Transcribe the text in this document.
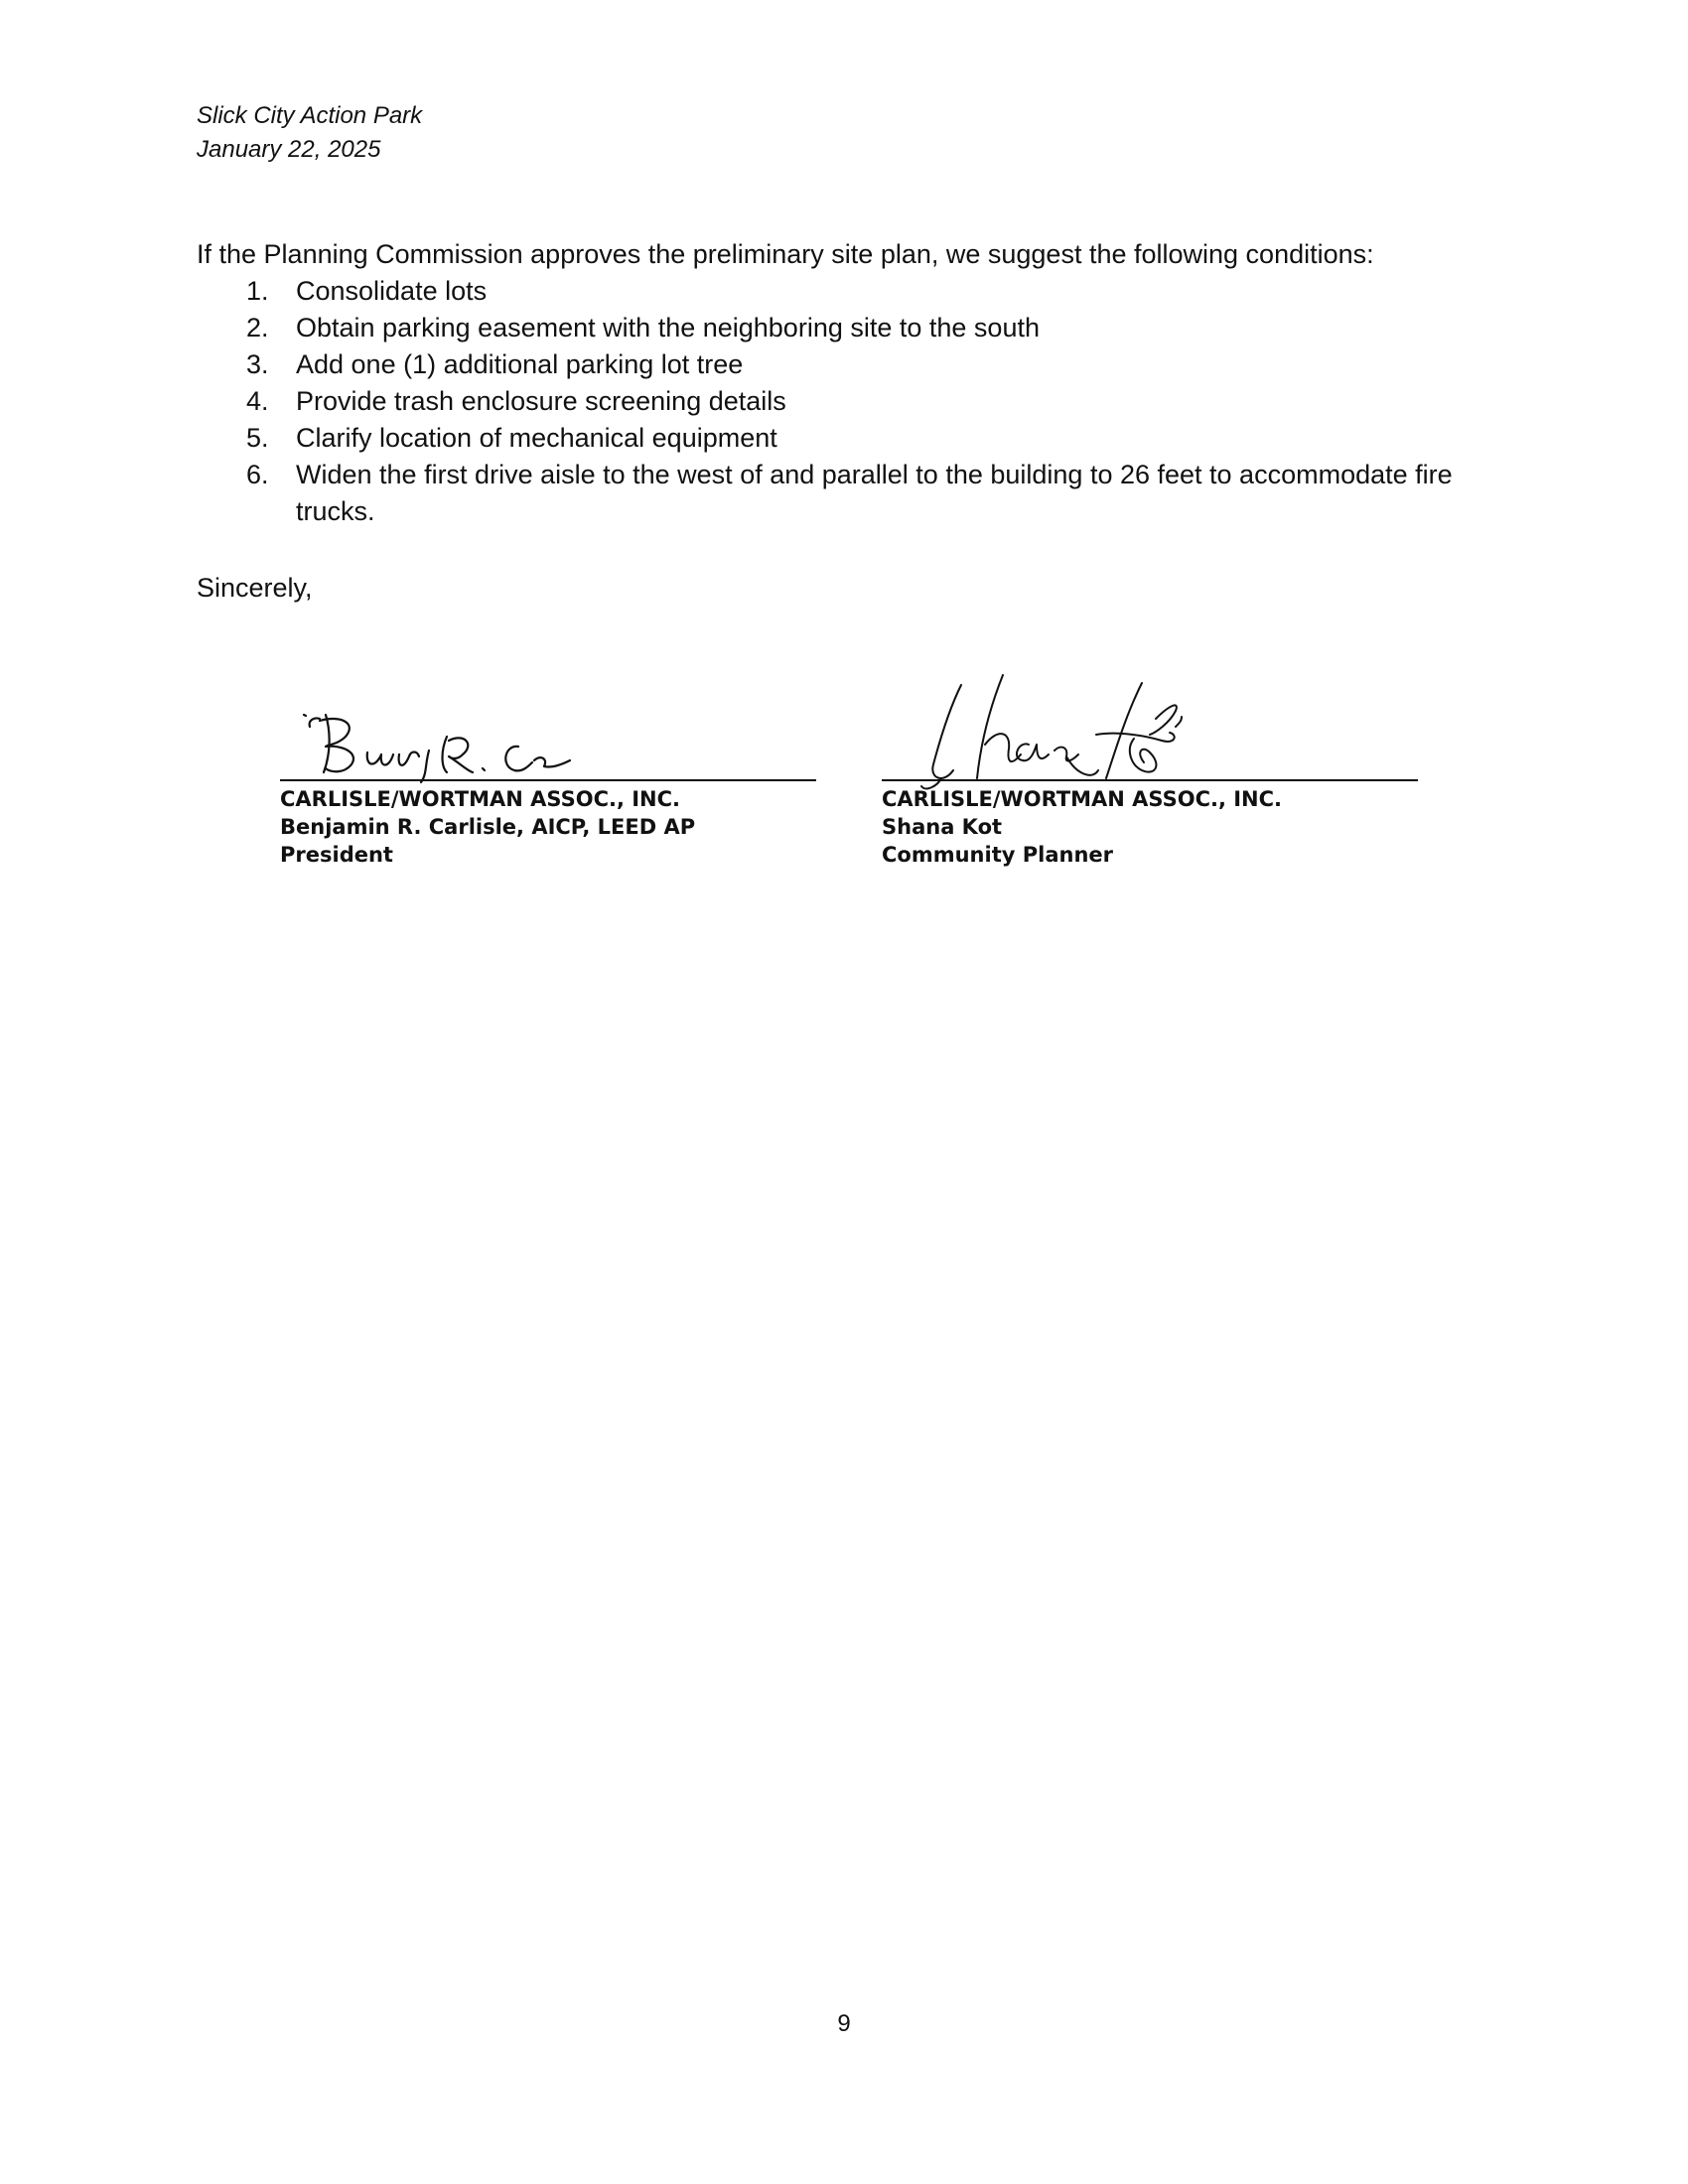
Slick City Action Park
January 22, 2025
If the Planning Commission approves the preliminary site plan, we suggest the following conditions:
1. Consolidate lots
2. Obtain parking easement with the neighboring site to the south
3. Add one (1) additional parking lot tree
4. Provide trash enclosure screening details
5. Clarify location of mechanical equipment
6. Widen the first drive aisle to the west of and parallel to the building to 26 feet to accommodate fire trucks.
Sincerely,
CARLISLE/WORTMAN ASSOC., INC.
Benjamin R. Carlisle, AICP, LEED AP
President
CARLISLE/WORTMAN ASSOC., INC.
Shana Kot
Community Planner
9
